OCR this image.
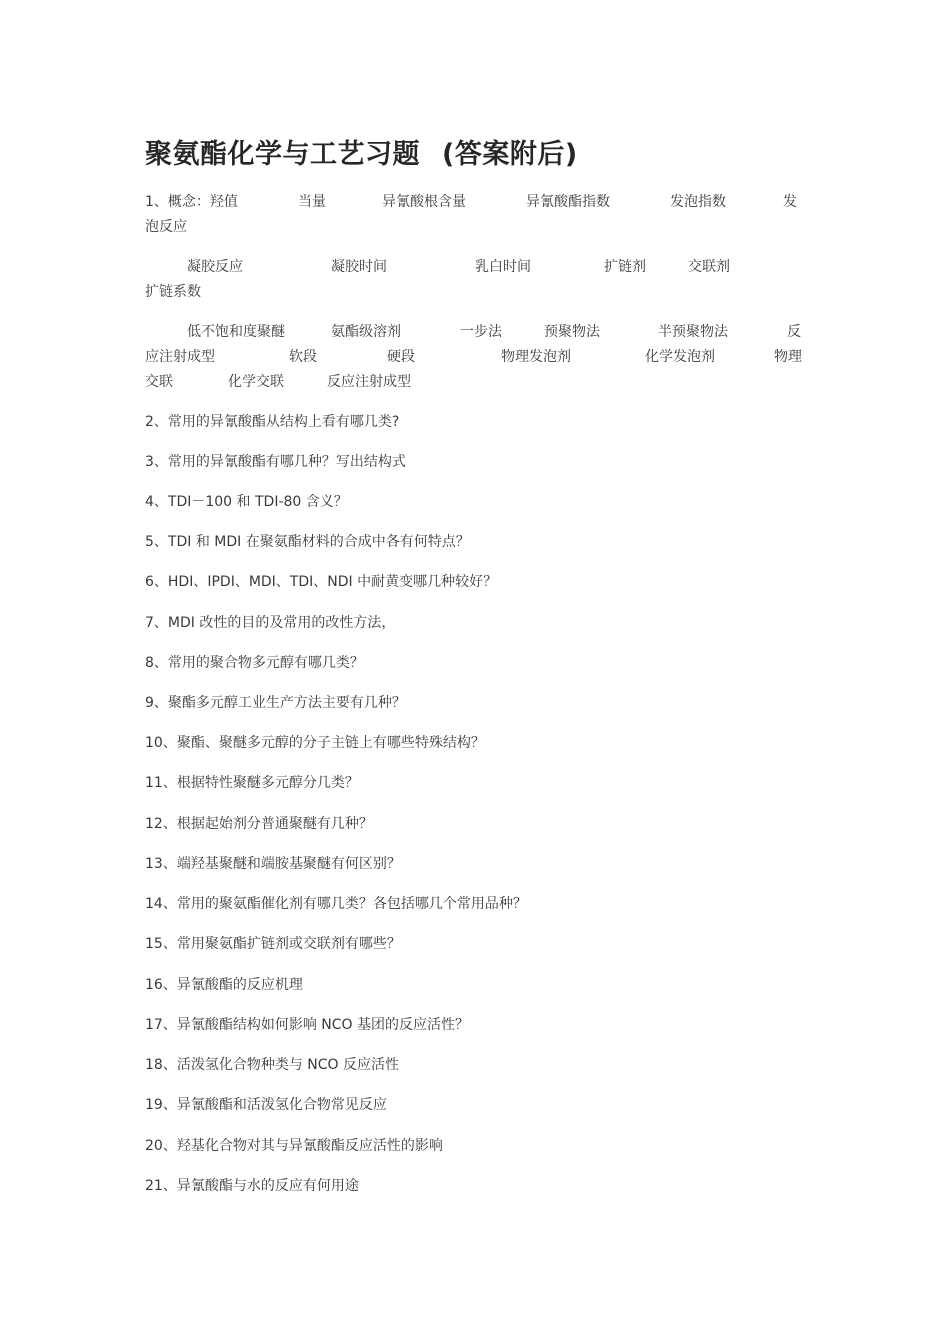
聚氨酯化学与工艺习题 (答案附后)
1、概念：羟值	当量	异氰酸根含量	异氰酸酯指数	发泡指数	发
泡反应
凝胶反应	凝胶时间	乳白时间	扩链剂	交联剂
扩链系数
低不饱和度聚醚	氨酯级溶剂	一步法	预聚物法	半预聚物法	反
应注射成型	软段	硬段	物理发泡剂	化学发泡剂	物理
交联	化学交联	反应注射成型
2、常用的异氰酸酯从结构上看有哪几类?
3、常用的异氰酸酯有哪几种？写出结构式
4、TDI－100 和 TDI-80 含义？
5、TDI 和 MDI 在聚氨酯材料的合成中各有何特点？
6、HDI、IPDI、MDI、TDI、NDI 中耐黄变哪几种较好？
7、MDI 改性的目的及常用的改性方法，
8、常用的聚合物多元醇有哪几类？
9、聚酯多元醇工业生产方法主要有几种？
10、聚酯、聚醚多元醇的分子主链上有哪些特殊结构？
11、根据特性聚醚多元醇分几类？
12、根据起始剂分普通聚醚有几种？
13、端羟基聚醚和端胺基聚醚有何区别？
14、常用的聚氨酯催化剂有哪几类？各包括哪几个常用品种？
15、常用聚氨酯扩链剂或交联剂有哪些？
16、异氰酸酯的反应机理
17、异氰酸酯结构如何影响 NCO 基团的反应活性？
18、活泼氢化合物种类与 NCO 反应活性
19、异氰酸酯和活泼氢化合物常见反应
20、羟基化合物对其与异氰酸酯反应活性的影响
21、异氰酸酯与水的反应有何用途
